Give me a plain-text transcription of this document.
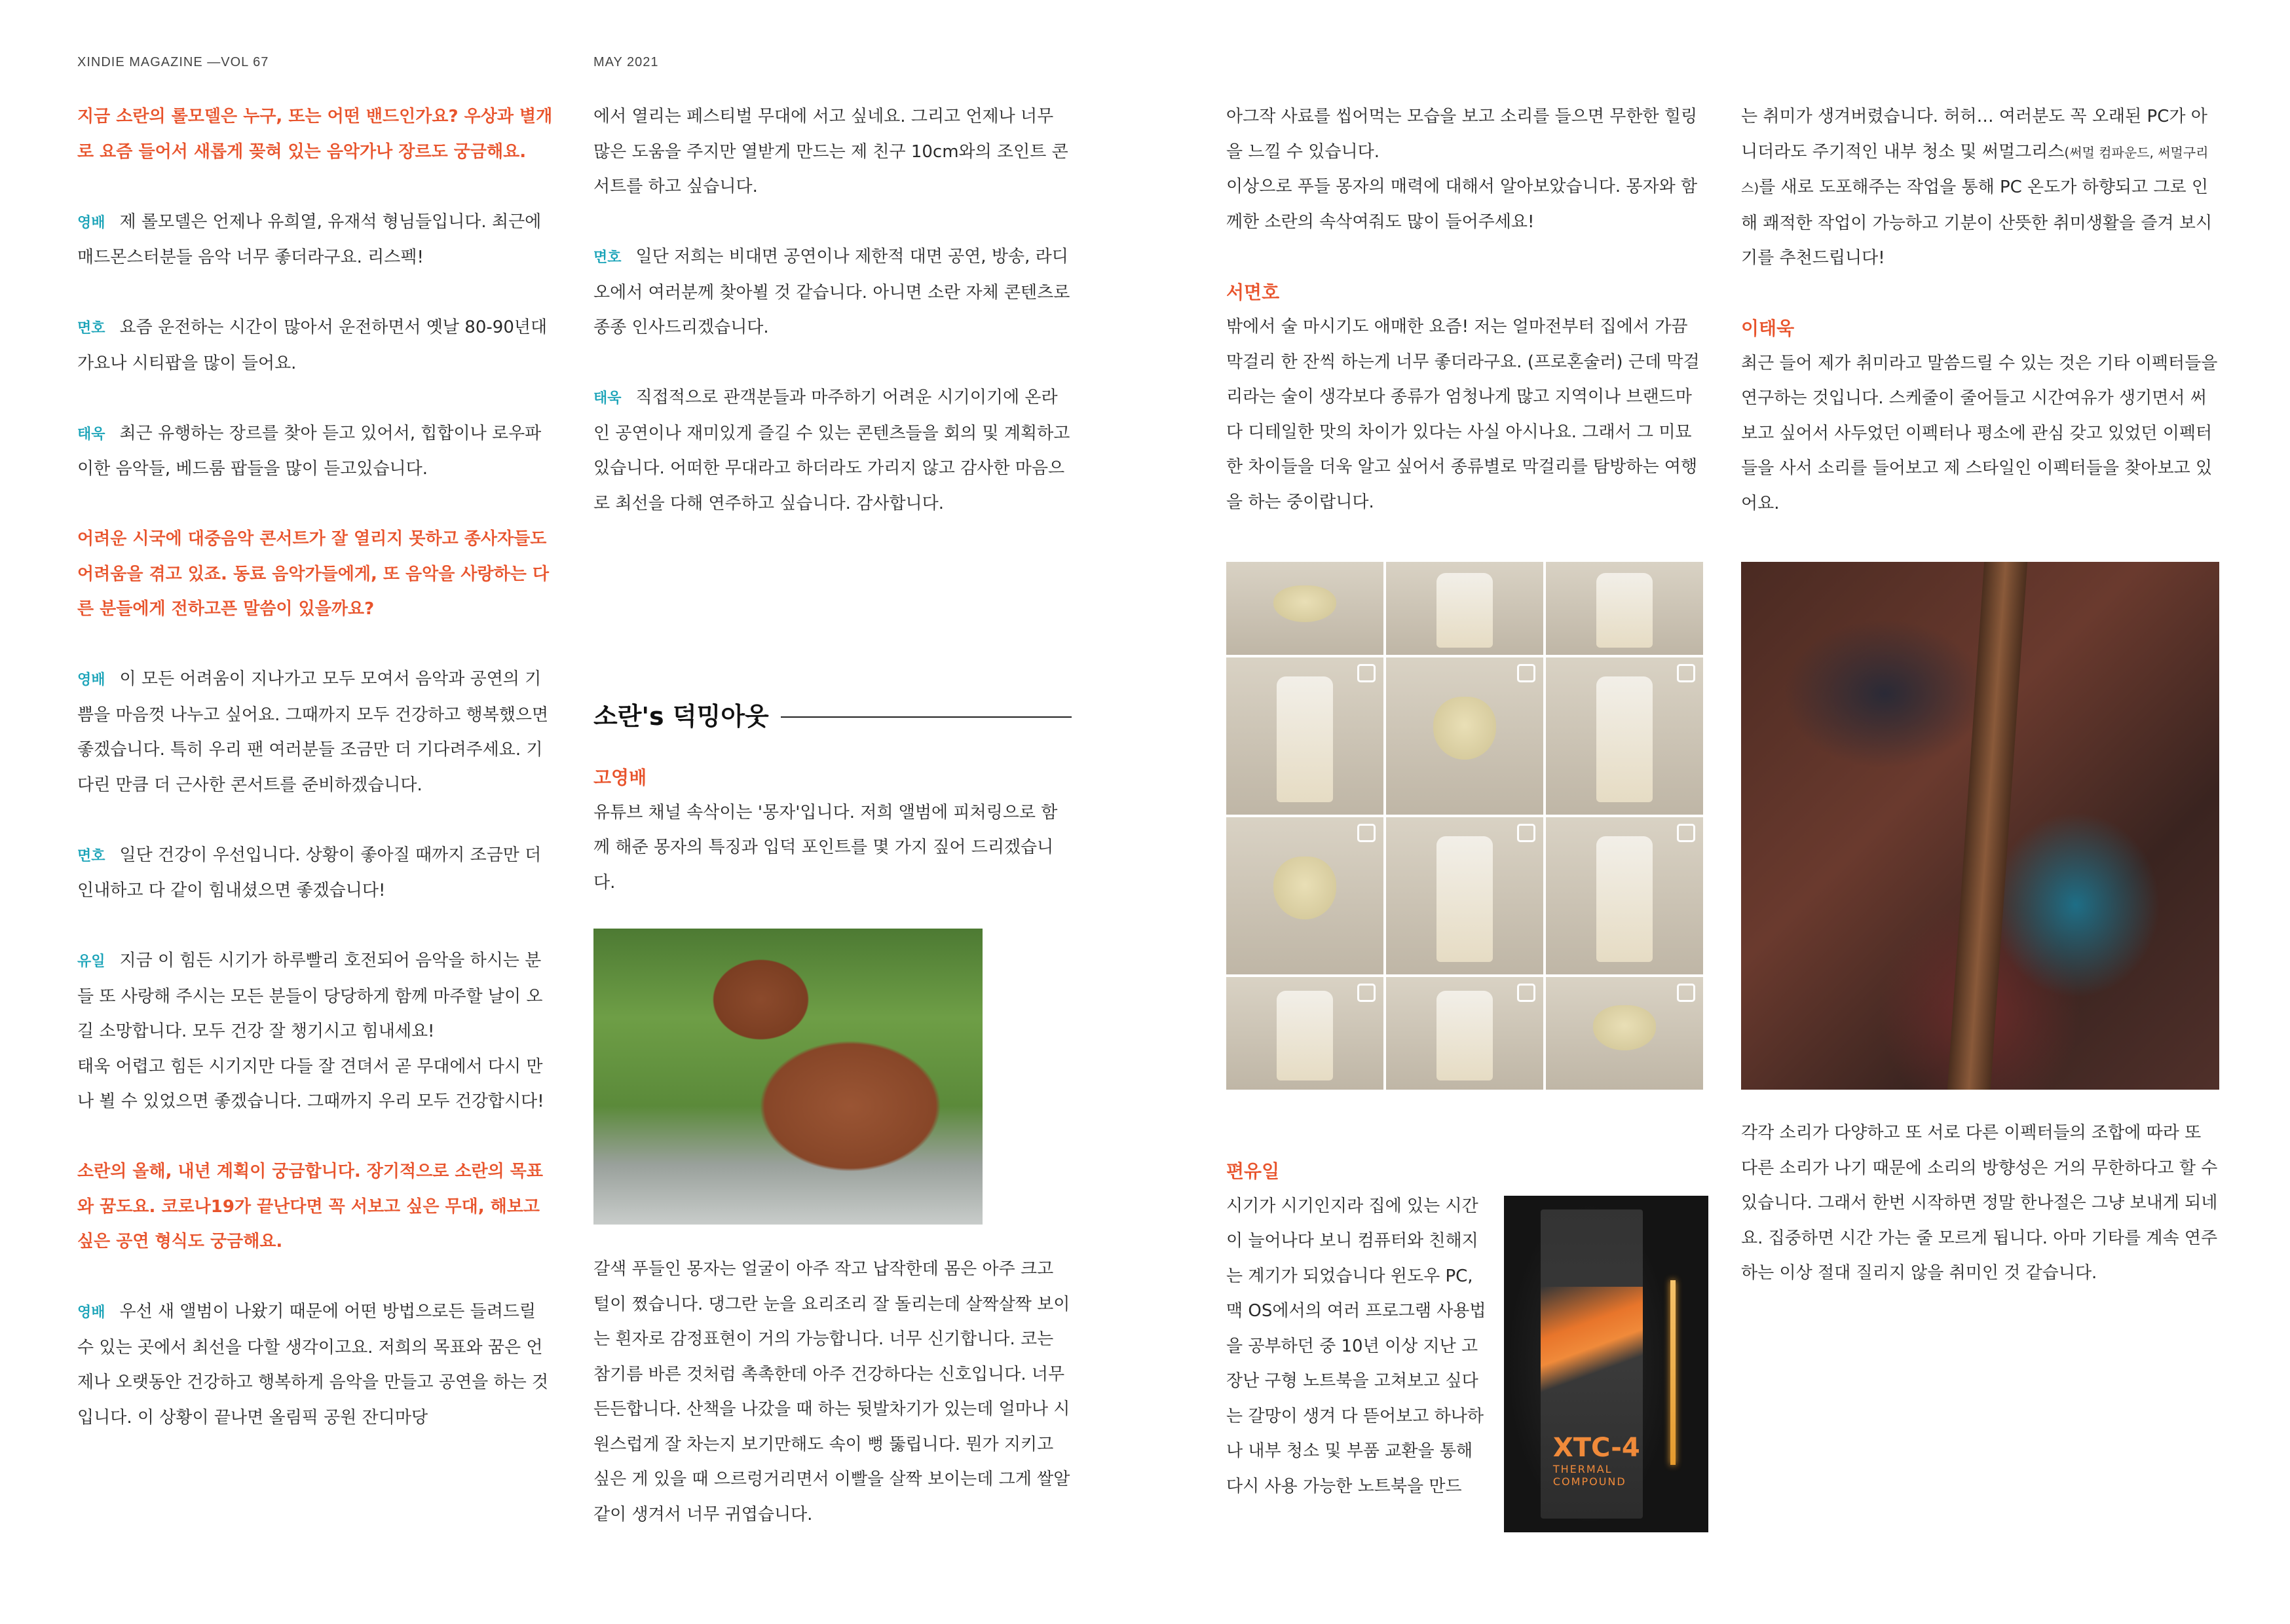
XINDIE MAGAZINE —VOL 67	MAY 2021

지금 소란의 롤모델은 누구, 또는 어떤 밴드인가요? 우상과 별개로 요즘 들어서 새롭게 꽂혀 있는 음악가나 장르도 궁금해요.

영배 제 롤모델은 언제나 유희열, 유재석 형님들입니다. 최근에 매드몬스터분들 음악 너무 좋더라구요. 리스펙!

면호 요즘 운전하는 시간이 많아서 운전하면서 옛날 80-90년대 가요나 시티팝을 많이 들어요.

태욱 최근 유행하는 장르를 찾아 듣고 있어서, 힙합이나 로우파이한 음악들, 베드룸 팝들을 많이 듣고있습니다.

어려운 시국에 대중음악 콘서트가 잘 열리지 못하고 종사자들도 어려움을 겪고 있죠. 동료 음악가들에게, 또 음악을 사랑하는 다른 분들에게 전하고픈 말씀이 있을까요?

영배 이 모든 어려움이 지나가고 모두 모여서 음악과 공연의 기쁨을 마음껏 나누고 싶어요. 그때까지 모두 건강하고 행복했으면 좋겠습니다. 특히 우리 팬 여러분들 조금만 더 기다려주세요. 기다린 만큼 더 근사한 콘서트를 준비하겠습니다.

면호 일단 건강이 우선입니다. 상황이 좋아질 때까지 조금만 더 인내하고 다 같이 힘내셨으면 좋겠습니다!

유일 지금 이 힘든 시기가 하루빨리 호전되어 음악을 하시는 분들 또 사랑해 주시는 모든 분들이 당당하게 함께 마주할 날이 오길 소망합니다. 모두 건강 잘 챙기시고 힘내세요!

태욱 어렵고 힘든 시기지만 다들 잘 견뎌서 곧 무대에서 다시 만나 뵐 수 있었으면 좋겠습니다. 그때까지 우리 모두 건강합시다!

소란의 올해, 내년 계획이 궁금합니다. 장기적으로 소란의 목표와 꿈도요. 코로나19가 끝난다면 꼭 서보고 싶은 무대, 해보고 싶은 공연 형식도 궁금해요.

영배 우선 새 앨범이 나왔기 때문에 어떤 방법으로든 들려드릴 수 있는 곳에서 최선을 다할 생각이고요. 저희의 목표와 꿈은 언제나 오랫동안 건강하고 행복하게 음악을 만들고 공연을 하는 것입니다. 이 상황이 끝나면 올림픽 공원 잔디마당

에서 열리는 페스티벌 무대에 서고 싶네요. 그리고 언제나 너무 많은 도움을 주지만 열받게 만드는 제 친구 10cm와의 조인트 콘서트를 하고 싶습니다.

면호 일단 저희는 비대면 공연이나 제한적 대면 공연, 방송, 라디오에서 여러분께 찾아뵐 것 같습니다. 아니면 소란 자체 콘텐츠로 종종 인사드리겠습니다.

태욱 직접적으로 관객분들과 마주하기 어려운 시기이기에 온라인 공연이나 재미있게 즐길 수 있는 콘텐츠들을 회의 및 계획하고 있습니다. 어떠한 무대라고 하더라도 가리지 않고 감사한 마음으로 최선을 다해 연주하고 싶습니다. 감사합니다.

소란's 덕밍아웃

고영배

유튜브 채널 속삭이는 '몽자'입니다. 저희 앨범에 피처링으로 함께 해준 몽자의 특징과 입덕 포인트를 몇 가지 짚어 드리겠습니다.

갈색 푸들인 몽자는 얼굴이 아주 작고 납작한데 몸은 아주 크고 털이 쪘습니다. 댕그란 눈을 요리조리 잘 돌리는데 살짝살짝 보이는 흰자로 감정표현이 거의 가능합니다. 너무 신기합니다. 코는 참기름 바른 것처럼 촉촉한데 아주 건강하다는 신호입니다. 너무 든든합니다. 산책을 나갔을 때 하는 뒷발차기가 있는데 얼마나 시원스럽게 잘 차는지 보기만해도 속이 뻥 뚫립니다. 뭔가 지키고 싶은 게 있을 때 으르렁거리면서 이빨을 살짝 보이는데 그게 쌀알 같이 생겨서 너무 귀엽습니다.

아그작 사료를 씹어먹는 모습을 보고 소리를 들으면 무한한 힐링을 느낄 수 있습니다.

이상으로 푸들 몽자의 매력에 대해서 알아보았습니다. 몽자와 함께한 소란의 속삭여줘도 많이 들어주세요!

서면호

밖에서 술 마시기도 애매한 요즘! 저는 얼마전부터 집에서 가끔 막걸리 한 잔씩 하는게 너무 좋더라구요. (프로혼술러) 근데 막걸리라는 술이 생각보다 종류가 엄청나게 많고 지역이나 브랜드마다 디테일한 맛의 차이가 있다는 사실 아시나요. 그래서 그 미묘한 차이들을 더욱 알고 싶어서 종류별로 막걸리를 탐방하는 여행을 하는 중이랍니다.

편유일

시기가 시기인지라 집에 있는 시간이 늘어나다 보니 컴퓨터와 친해지는 계기가 되었습니다 윈도우 PC, 맥 OS에서의 여러 프로그램 사용법을 공부하던 중 10년 이상 지난 고장난 구형 노트북을 고쳐보고 싶다는 갈망이 생겨 다 뜯어보고 하나하나 내부 청소 및 부품 교환을 통해 다시 사용 가능한 노트북을 만드

XTC-4
THERMAL COMPOUND

는 취미가 생겨버렸습니다. 허허… 여러분도 꼭 오래된 PC가 아니더라도 주기적인 내부 청소 및 써멀그리스(써멀 컴파운드, 써멀구리스)를 새로 도포해주는 작업을 통해 PC 온도가 하향되고 그로 인해 쾌적한 작업이 가능하고 기분이 산뜻한 취미생활을 즐겨 보시기를 추천드립니다!

이태욱

최근 들어 제가 취미라고 말씀드릴 수 있는 것은 기타 이펙터들을 연구하는 것입니다. 스케줄이 줄어들고 시간여유가 생기면서 써보고 싶어서 사두었던 이펙터나 평소에 관심 갖고 있었던 이펙터들을 사서 소리를 들어보고 제 스타일인 이펙터들을 찾아보고 있어요.

각각 소리가 다양하고 또 서로 다른 이펙터들의 조합에 따라 또 다른 소리가 나기 때문에 소리의 방향성은 거의 무한하다고 할 수 있습니다. 그래서 한번 시작하면 정말 한나절은 그냥 보내게 되네요. 집중하면 시간 가는 줄 모르게 됩니다. 아마 기타를 계속 연주하는 이상 절대 질리지 않을 취미인 것 같습니다.
